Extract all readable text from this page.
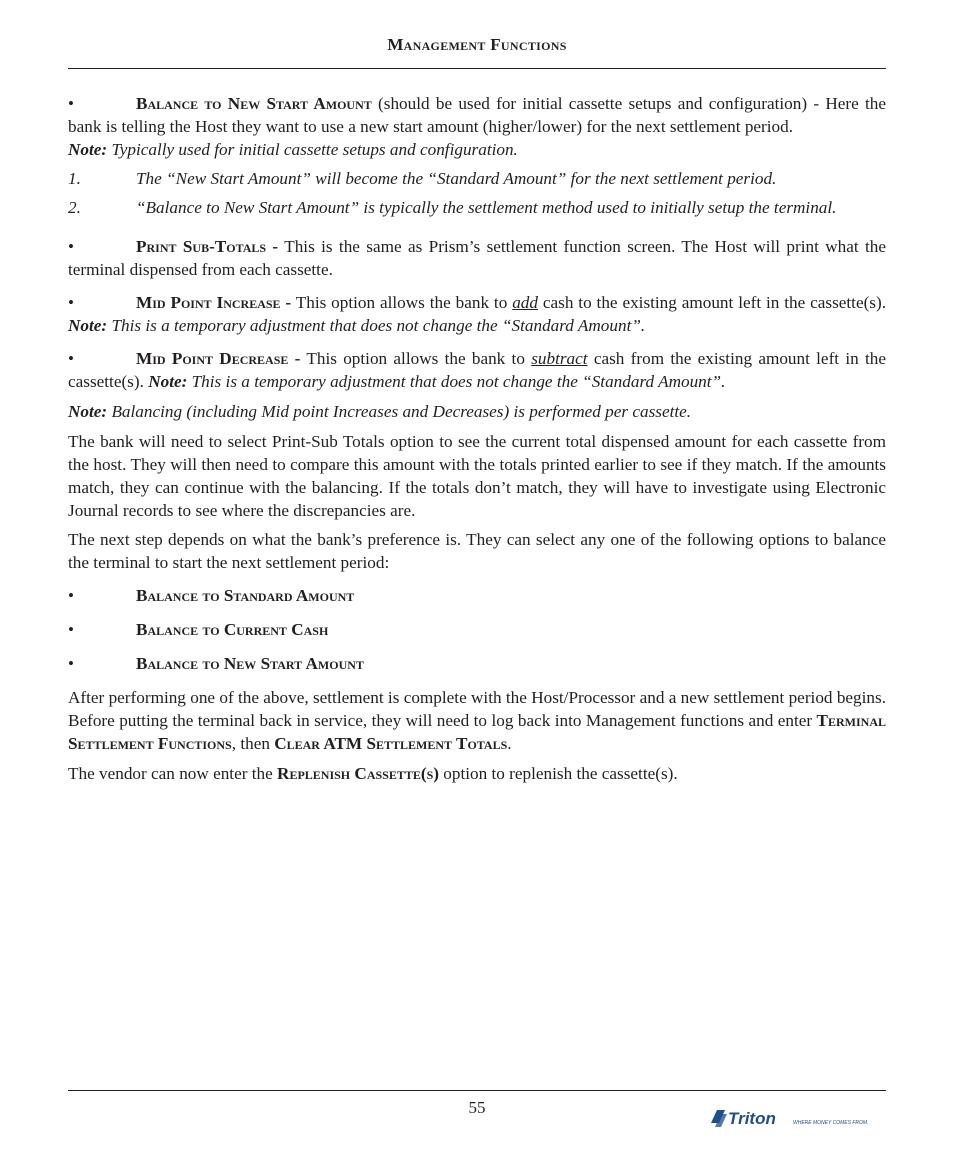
Management Functions

•	Balance to New Start Amount (should be used for initial cassette setups and configuration) - Here the bank is telling the Host they want to use a new start amount (higher/lower) for the next settlement period.
Note: Typically used for initial cassette setups and configuration.

1.	The “New Start Amount” will become the “Standard Amount” for the next settlement period.
2.	“Balance to New Start Amount” is typically the settlement method used to initially setup the terminal.

•	Print Sub-Totals - This is the same as Prism’s settlement function screen. The Host will print what the terminal dispensed from each cassette.

•	Mid Point Increase - This option allows the bank to add cash to the existing amount left in the cassette(s). Note: This is a temporary adjustment that does not change the “Standard Amount”.

•	Mid Point Decrease - This option allows the bank to subtract cash from the existing amount left in the cassette(s). Note: This is a temporary adjustment that does not change the “Standard Amount”.

Note: Balancing (including Mid point Increases and Decreases) is performed per cassette.

The bank will need to select Print-Sub Totals option to see the current total dispensed amount for each cassette from the host. They will then need to compare this amount with the totals printed earlier to see if they match. If the amounts match, they can continue with the balancing. If the totals don’t match, they will have to investigate using Electronic Journal records to see where the discrepancies are.

The next step depends on what the bank’s preference is. They can select any one of the following options to balance the terminal to start the next settlement period:

•	Balance to Standard Amount

•	Balance to Current Cash

•	Balance to New Start Amount

After performing one of the above, settlement is complete with the Host/Processor and a new settlement period begins. Before putting the terminal back in service, they will need to log back into Management functions and enter Terminal Settlement Functions, then Clear ATM Settlement Totals.

The vendor can now enter the Replenish Cassette(s) option to replenish the cassette(s).

55
Triton	WHERE MONEY COMES FROM.
